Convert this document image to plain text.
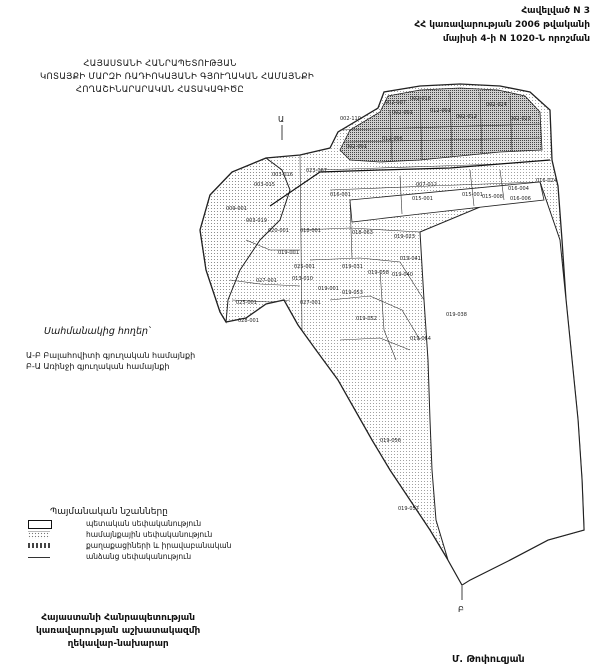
Հավելված N 3
ՀՀ կառավարության 2006 թվականի
մայիսի 4-ի N 1020-Ն որոշման
ՀԱՅԱՍՏԱՆԻ ՀԱՆՐԱՊԵՏՈՒԹՅԱՆ
ԿՈՏԱՅՔԻ ՄԱՐԶԻ ՌԱԴԻՈԿԱՅԱՆԻ ԳՅՈՒՂԱԿԱՆ ՀԱՄԱՅՆՔԻ
ՀՈՂԱՇԻՆԱՐԱՐԱԿԱՆ ՀԱՏԱԿԱԳԻԾԸ
Ա
Բ
002-007
002-018
002-110
002-001	012-001
002-012
002-024
002-023
023-067
002-001
012-005
003-015
003-016
007-012
015-001
016-001
016-004
015-001
016-024
015-008 016-006
009-001
003-019
020-001 018-001
019-001
018-063
019-023
019-041
019-040
019-058
025-001
027-001	013-010
019-001
019-031
019-052
019-064
019-038
025-001	027-001
028-001
019-056
019-057
019-053
Սահմանակից հողեր՝
Ա-Բ Բալահովիտի գյուղական համայնքի
Բ-Ա Առինջի գյուղական համայնքի
Պայմանական նշանները
պետական սեփականություն
համայնքային սեփականություն
քաղաքացիների և իրավաբանական
անձանց սեփականություն
Հայաստանի Հանրապետության
կառավարության աշխատակազմի
ղեկավար-նախարար
Մ. Թոփուզյան
